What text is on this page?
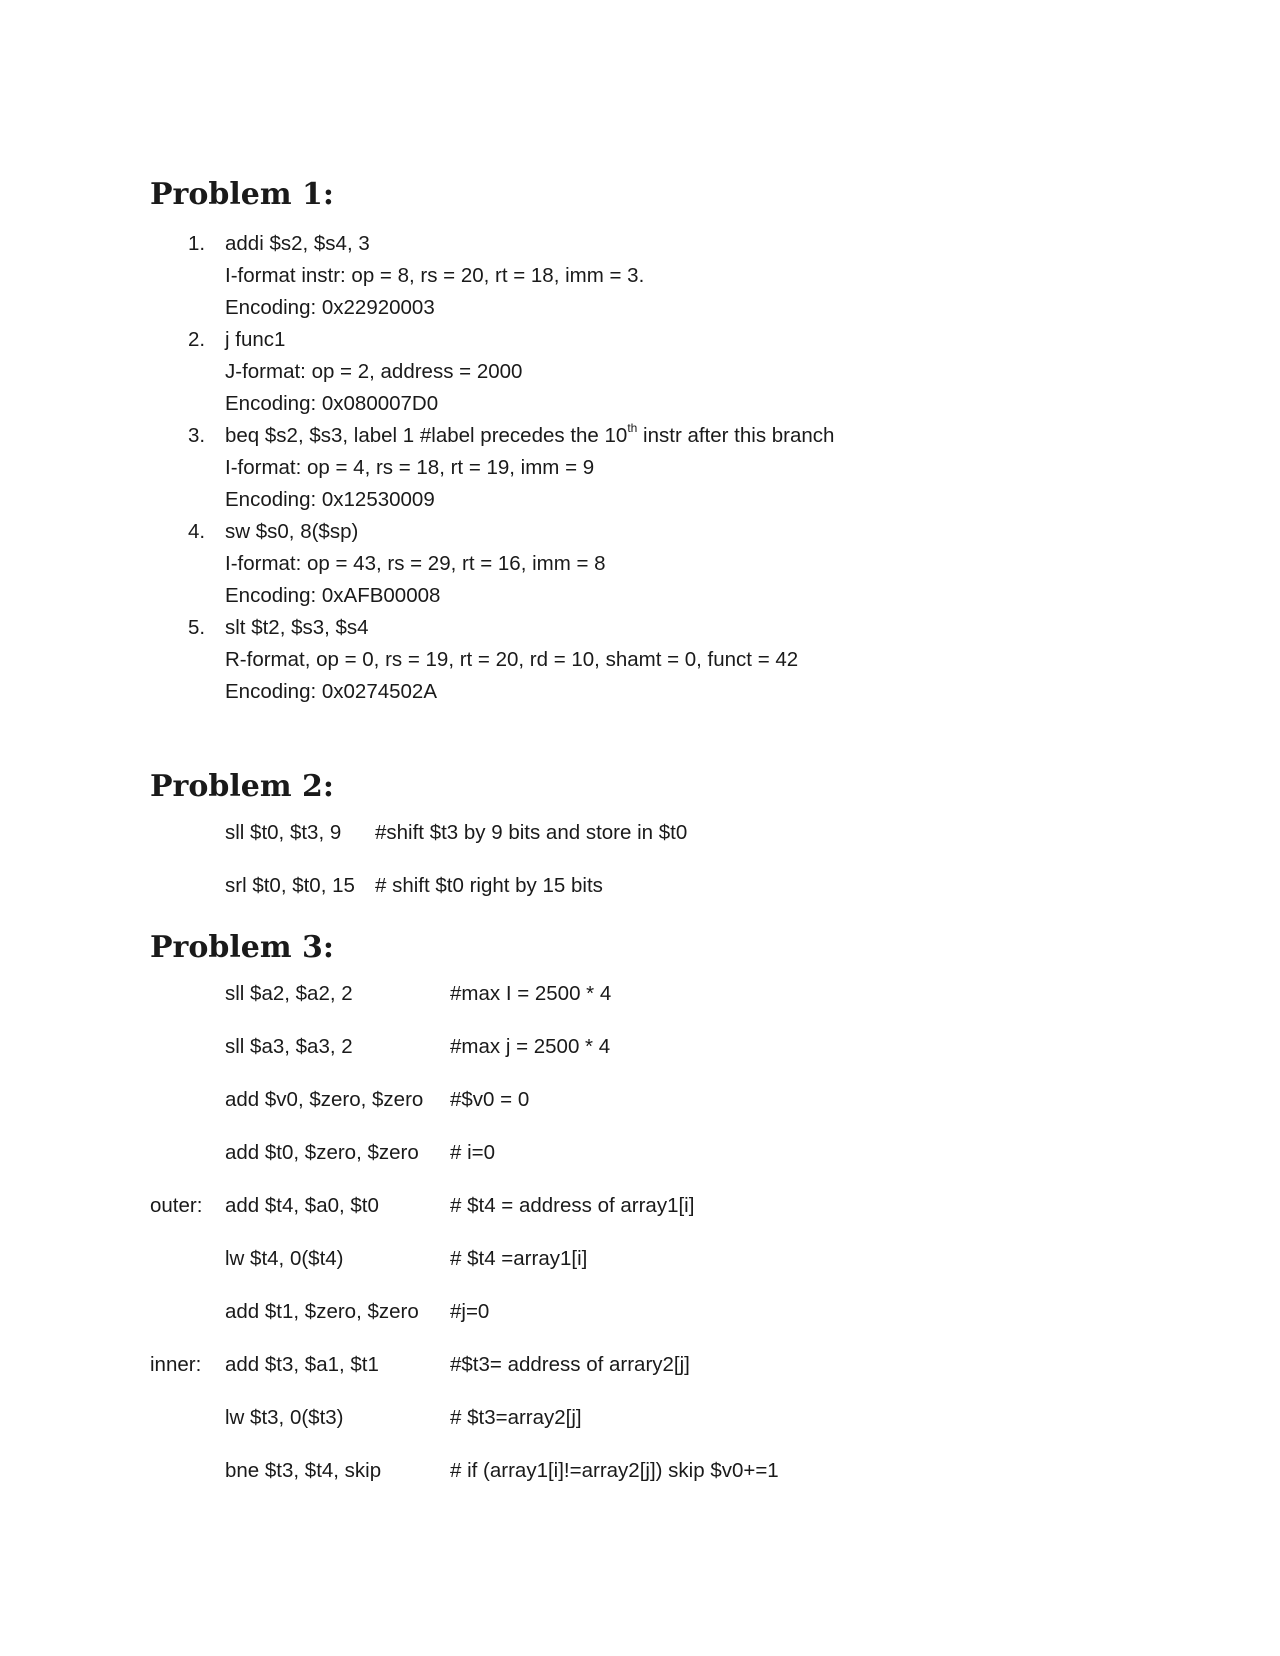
Problem 1:
1. addi $s2, $s4, 3
I-format instr: op = 8, rs = 20, rt = 18, imm = 3.
Encoding: 0x22920003
2. j func1
J-format: op = 2, address = 2000
Encoding: 0x080007D0
3. beq $s2, $s3, label 1 #label precedes the 10th instr after this branch
I-format: op = 4, rs = 18, rt = 19, imm = 9
Encoding: 0x12530009
4. sw $s0, 8($sp)
I-format: op = 43, rs = 29, rt = 16, imm = 8
Encoding: 0xAFB00008
5. slt $t2, $s3, $s4
R-format, op = 0, rs = 19, rt = 20, rd = 10, shamt = 0, funct = 42
Encoding: 0x0274502A
Problem 2:
sll $t0, $t3, 9 #shift $t3 by 9 bits and store in $t0
srl $t0, $t0, 15 # shift $t0 right by 15 bits
Problem 3:
sll $a2, $a2, 2	#max I = 2500 * 4
sll $a3, $a3, 2	#max j = 2500 * 4
add $v0, $zero, $zero #$v0 = 0
add $t0, $zero, $zero # i=0
outer: add $t4, $a0, $t0	# $t4 = address of array1[i]
lw $t4, 0($t4)	# $t4 =array1[i]
add $t1, $zero, $zero #j=0
inner: add $t3, $a1, $t1	#$t3= address of arrary2[j]
lw $t3, 0($t3)	# $t3=array2[j]
bne $t3, $t4, skip	# if (array1[i]!=array2[j]) skip $v0+=1
